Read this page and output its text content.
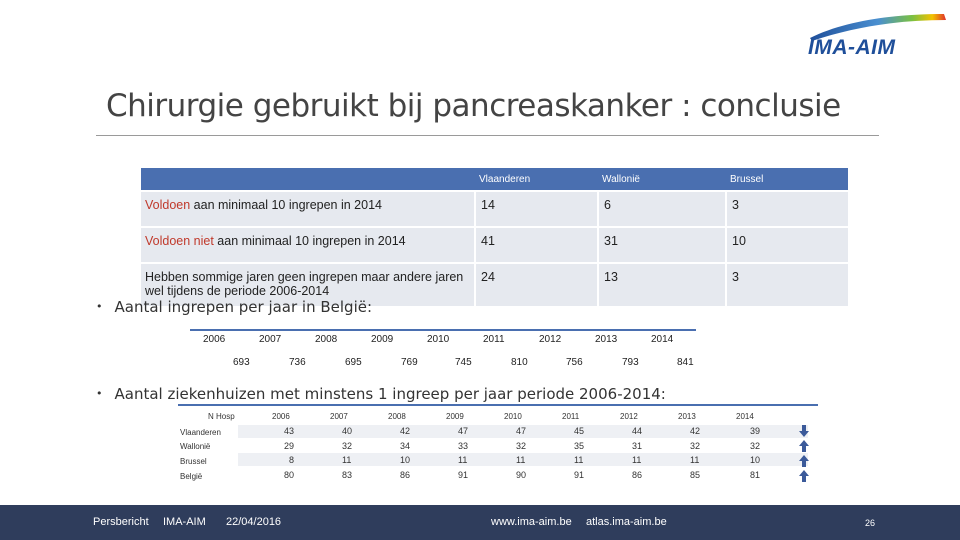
IMA-AIM
Chirurgie gebruikt bij pancreaskanker : conclusie
	Vlaanderen	Wallonië	Brussel
Voldoen aan minimaal 10 ingrepen in 2014	14	6	3
Voldoen niet aan minimaal 10 ingrepen in 2014	41	31	10
Hebben sommige jaren geen ingrepen maar andere jaren wel tijdens de periode 2006-2014	24	13	3
• Aantal ingrepen per jaar in België:
2006	2007	2008	2009	2010	2011	2012	2013	2014
693	736	695	769	745	810	756	793	841
• Aantal ziekenhuizen met minstens 1 ingreep per jaar periode 2006-2014:
N Hosp	2006	2007	2008	2009	2010	2011	2012	2013	2014
Vlaanderen	43	40	42	47	47	45	44	42	39
Wallonië	29	32	34	33	32	35	31	32	32
Brussel	8	11	10	11	11	11	11	11	10
België	80	83	86	91	90	91	86	85	81
Persbericht IMA-AIM 22/04/2016	www.ima-aim.be atlas.ima-aim.be	26
